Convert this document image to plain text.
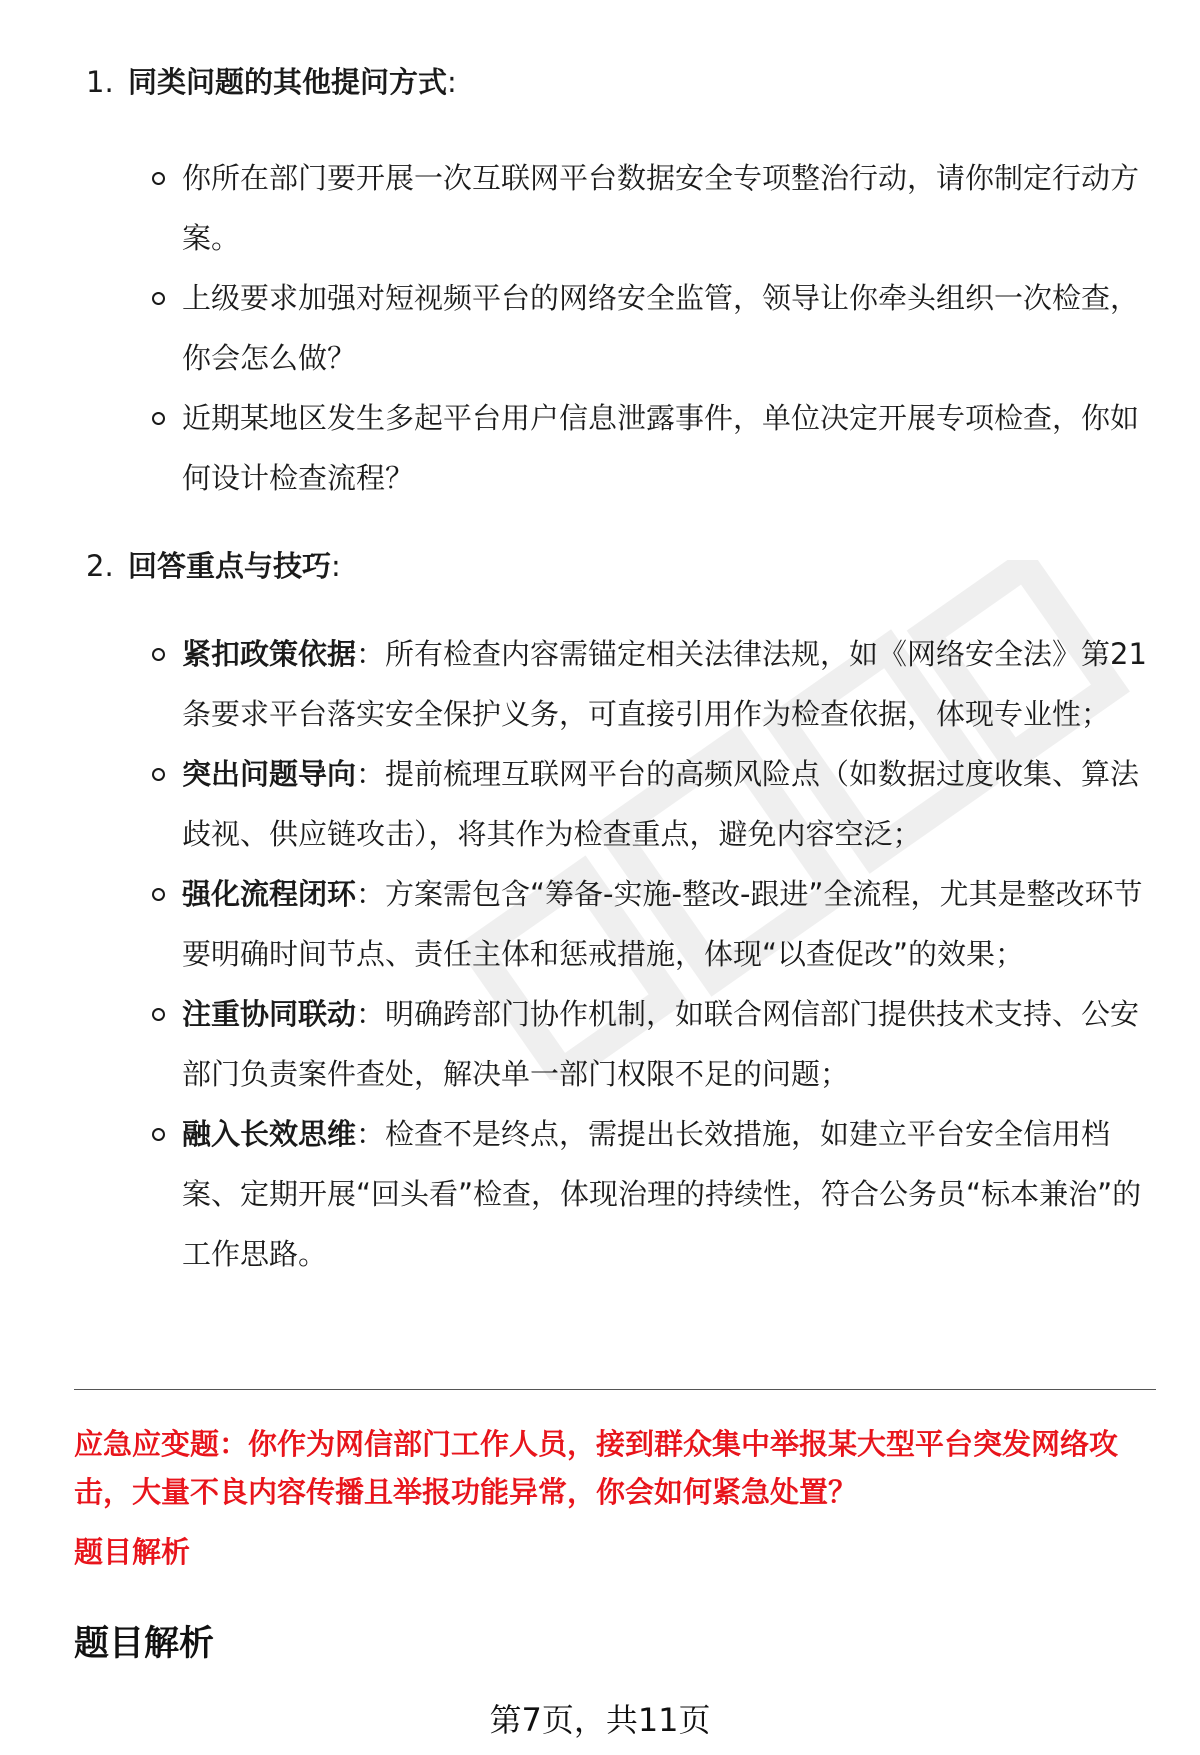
1. 同类问题的其他提问方式:
你所在部门要开展一次互联网平台数据安全专项整治行动，请你制定行动方案。
上级要求加强对短视频平台的网络安全监管，领导让你牵头组织一次检查，你会怎么做？
近期某地区发生多起平台用户信息泄露事件，单位决定开展专项检查，你如何设计检查流程？
2. 回答重点与技巧:
紧扣政策依据：所有检查内容需锚定相关法律法规，如《网络安全法》第21条要求平台落实安全保护义务，可直接引用作为检查依据，体现专业性；
突出问题导向：提前梳理互联网平台的高频风险点（如数据过度收集、算法歧视、供应链攻击），将其作为检查重点，避免内容空泛；
强化流程闭环：方案需包含“筹备-实施-整改-跟进”全流程，尤其是整改环节要明确时间节点、责任主体和惩戒措施，体现“以查促改”的效果；
注重协同联动：明确跨部门协作机制，如联合网信部门提供技术支持、公安部门负责案件查处，解决单一部门权限不足的问题；
融入长效思维：检查不是终点，需提出长效措施，如建立平台安全信用档案、定期开展“回头看”检查，体现治理的持续性，符合公务员“标本兼治”的工作思路。

应急应变题：你作为网信部门工作人员，接到群众集中举报某大型平台突发网络攻击，大量不良内容传播且举报功能异常，你会如何紧急处置？

题目解析
题目解析
第7页，共11页
